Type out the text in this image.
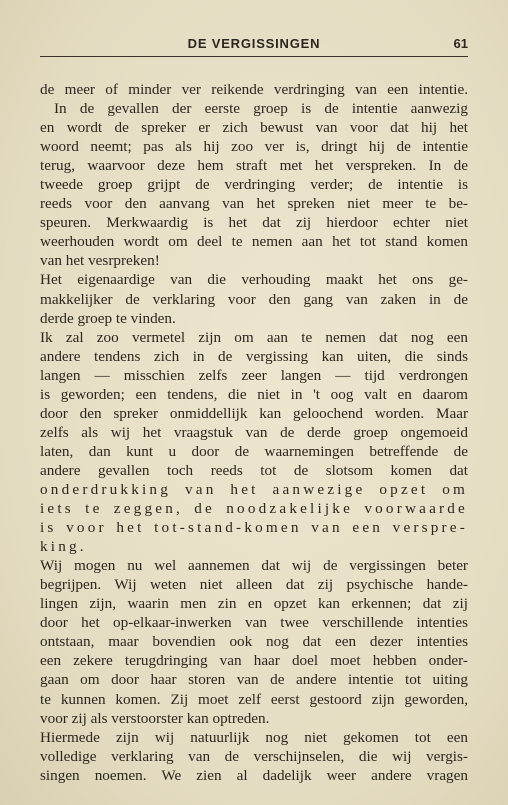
DE VERGISSINGEN	61
de meer of minder ver reikende verdringing van een intentie.
In de gevallen der eerste groep is de intentie aanwezig
en wordt de spreker er zich bewust van voor dat hij het
woord neemt; pas als hij zoo ver is, dringt hij de intentie
terug, waarvoor deze hem straft met het verspreken. In de
tweede groep grijpt de verdringing verder; de intentie is
reeds voor den aanvang van het spreken niet meer te be-
speuren. Merkwaardig is het dat zij hierdoor echter niet
weerhouden wordt om deel te nemen aan het tot stand komen
van het vesrpreken!
Het eigenaardige van die verhouding maakt het ons ge-
makkelijker de verklaring voor den gang van zaken in de
derde groep te vinden.
Ik zal zoo vermetel zijn om aan te nemen dat nog een
andere tendens zich in de vergissing kan uiten, die sinds
langen — misschien zelfs zeer langen — tijd verdrongen
is geworden; een tendens, die niet in 't oog valt en daarom
door den spreker onmiddellijk kan geloochend worden. Maar
zelfs als wij het vraagstuk van de derde groep ongemoeid
laten, dan kunt u door de waarnemingen betreffende de
andere gevallen toch reeds tot de slotsom komen dat
onderdrukking van het aanwezige opzet om
iets te zeggen, de noodzakelijke voorwaarde
is voor het tot-stand-komen van een verspre-
king.
Wij mogen nu wel aannemen dat wij de vergissingen beter
begrijpen. Wij weten niet alleen dat zij psychische hande-
lingen zijn, waarin men zin en opzet kan erkennen; dat zij
door het op-elkaar-inwerken van twee verschillende intenties
ontstaan, maar bovendien ook nog dat een dezer intenties
een zekere terugdringing van haar doel moet hebben onder-
gaan om door haar storen van de andere intentie tot uiting
te kunnen komen. Zij moet zelf eerst gestoord zijn geworden,
voor zij als verstoorster kan optreden.
Hiermede zijn wij natuurlijk nog niet gekomen tot een
volledige verklaring van de verschijnselen, die wij vergis-
singen noemen. We zien al dadelijk weer andere vragen
